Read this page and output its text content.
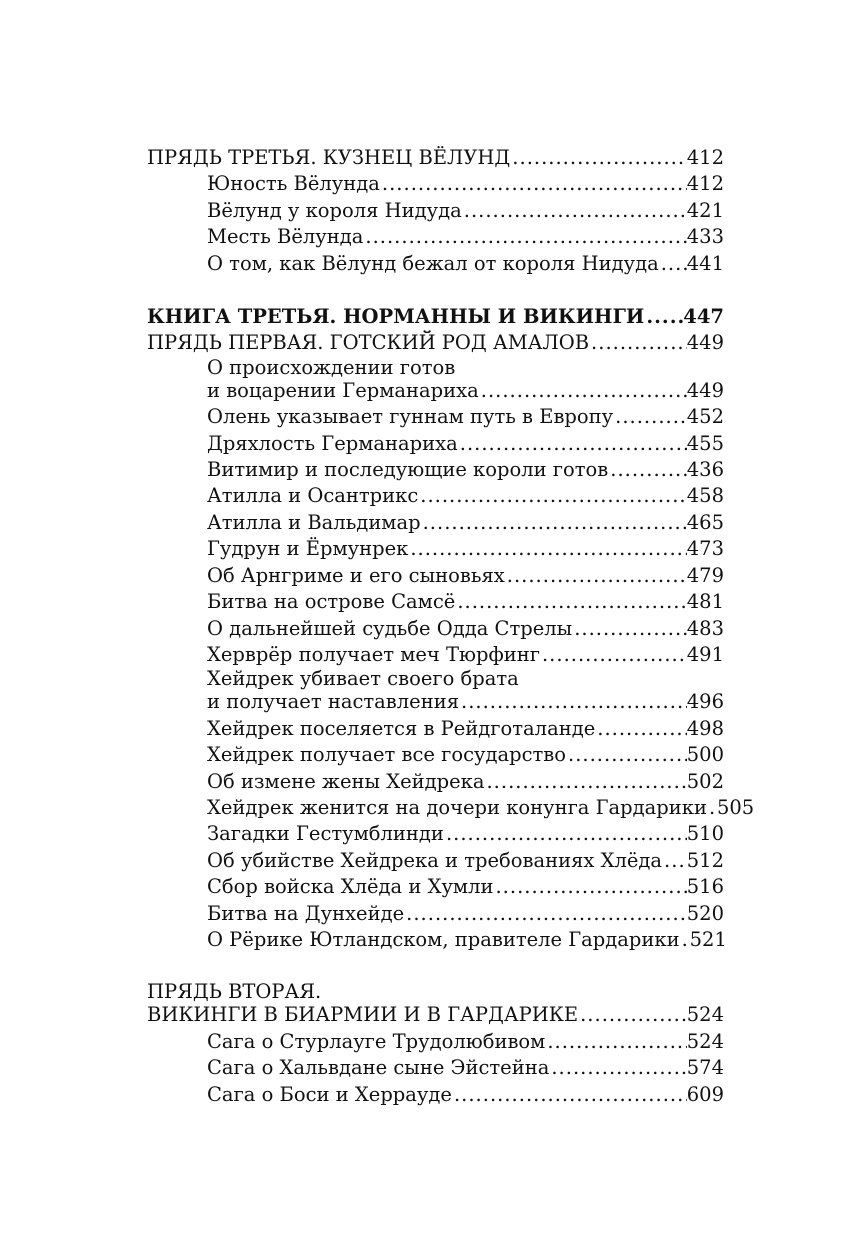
ПРЯДЬ ТРЕТЬЯ. КУЗНЕЦ ВЁЛУНД .....	412
Юность Вёлунда .....	412
Вёлунд у короля Нидуда .....	421
Месть Вёлунда .....	433
О том, как Вёлунд бежал от короля Нидуда ..... 441
КНИГА ТРЕТЬЯ. НОРМАННЫ И ВИКИНГИ ..... 447
ПРЯДЬ ПЕРВАЯ. ГОТСКИЙ РОД АМАЛОВ .....	449
О происхождении готов
и воцарении Германариха .....	449
Олень указывает гуннам путь в Европу .....	452
Дряхлость Германариха .....	455
Витимир и последующие короли готов .....	436
Атилла и Осантрикс .....	458
Атилла и Вальдимар .....	465
Гудрун и Ёрмунрек .....	473
Об Арнгриме и его сыновьях .....	479
Битва на острове Самсё .....	481
О дальнейшей судьбе Одда Стрелы .....	483
Херврёр получает меч Тюрфинг .....	491
Хейдрек убивает своего брата
и получает наставления .....	496
Хейдрек поселяется в Рейдготаланде .....	498
Хейдрек получает все государство .....	500
Об измене жены Хейдрека .....	502
Хейдрек женится на дочери конунга Гардарики ..... 505
Загадки Гестумблинди .....	510
Об убийстве Хейдрека и требованиях Хлёда ..... 512
Сбор войска Хлёда и Хумли .....	516
Битва на Дунхейде .....	520
О Рёрике Ютландском, правителе Гардарики ..... 521
ПРЯДЬ ВТОРАЯ.
ВИКИНГИ В БИАРМИИ И В ГАРДАРИКЕ .....	524
Сага о Стурлауге Трудолюбивом .....	524
Сага о Хальвдане сыне Эйстейна .....	574
Сага о Боси и Херрауде .....	609
